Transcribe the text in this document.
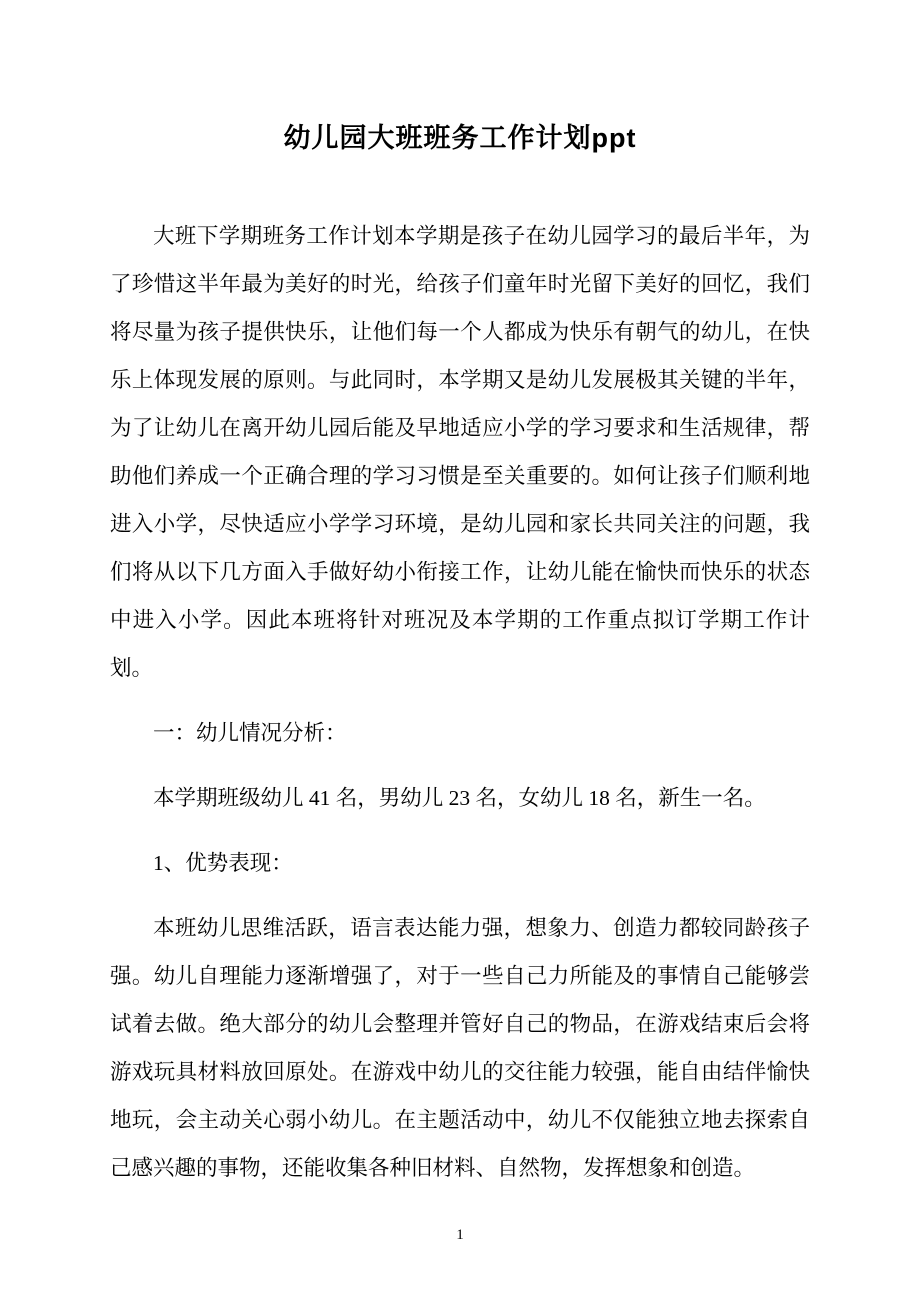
幼儿园大班班务工作计划ppt

大班下学期班务工作计划本学期是孩子在幼儿园学习的最后半年，为了珍惜这半年最为美好的时光，给孩子们童年时光留下美好的回忆，我们将尽量为孩子提供快乐，让他们每一个人都成为快乐有朝气的幼儿，在快乐上体现发展的原则。与此同时，本学期又是幼儿发展极其关键的半年，为了让幼儿在离开幼儿园后能及早地适应小学的学习要求和生活规律，帮助他们养成一个正确合理的学习习惯是至关重要的。如何让孩子们顺利地进入小学，尽快适应小学学习环境，是幼儿园和家长共同关注的问题，我们将从以下几方面入手做好幼小衔接工作，让幼儿能在愉快而快乐的状态中进入小学。因此本班将针对班况及本学期的工作重点拟订学期工作计划。

一：幼儿情况分析：

本学期班级幼儿 41 名，男幼儿 23 名，女幼儿 18 名，新生一名。

1、优势表现：

本班幼儿思维活跃，语言表达能力强，想象力、创造力都较同龄孩子强。幼儿自理能力逐渐增强了，对于一些自己力所能及的事情自己能够尝试着去做。绝大部分的幼儿会整理并管好自己的物品，在游戏结束后会将游戏玩具材料放回原处。在游戏中幼儿的交往能力较强，能自由结伴愉快地玩，会主动关心弱小幼儿。在主题活动中，幼儿不仅能独立地去探索自己感兴趣的事物，还能收集各种旧材料、自然物，发挥想象和创造。

1
